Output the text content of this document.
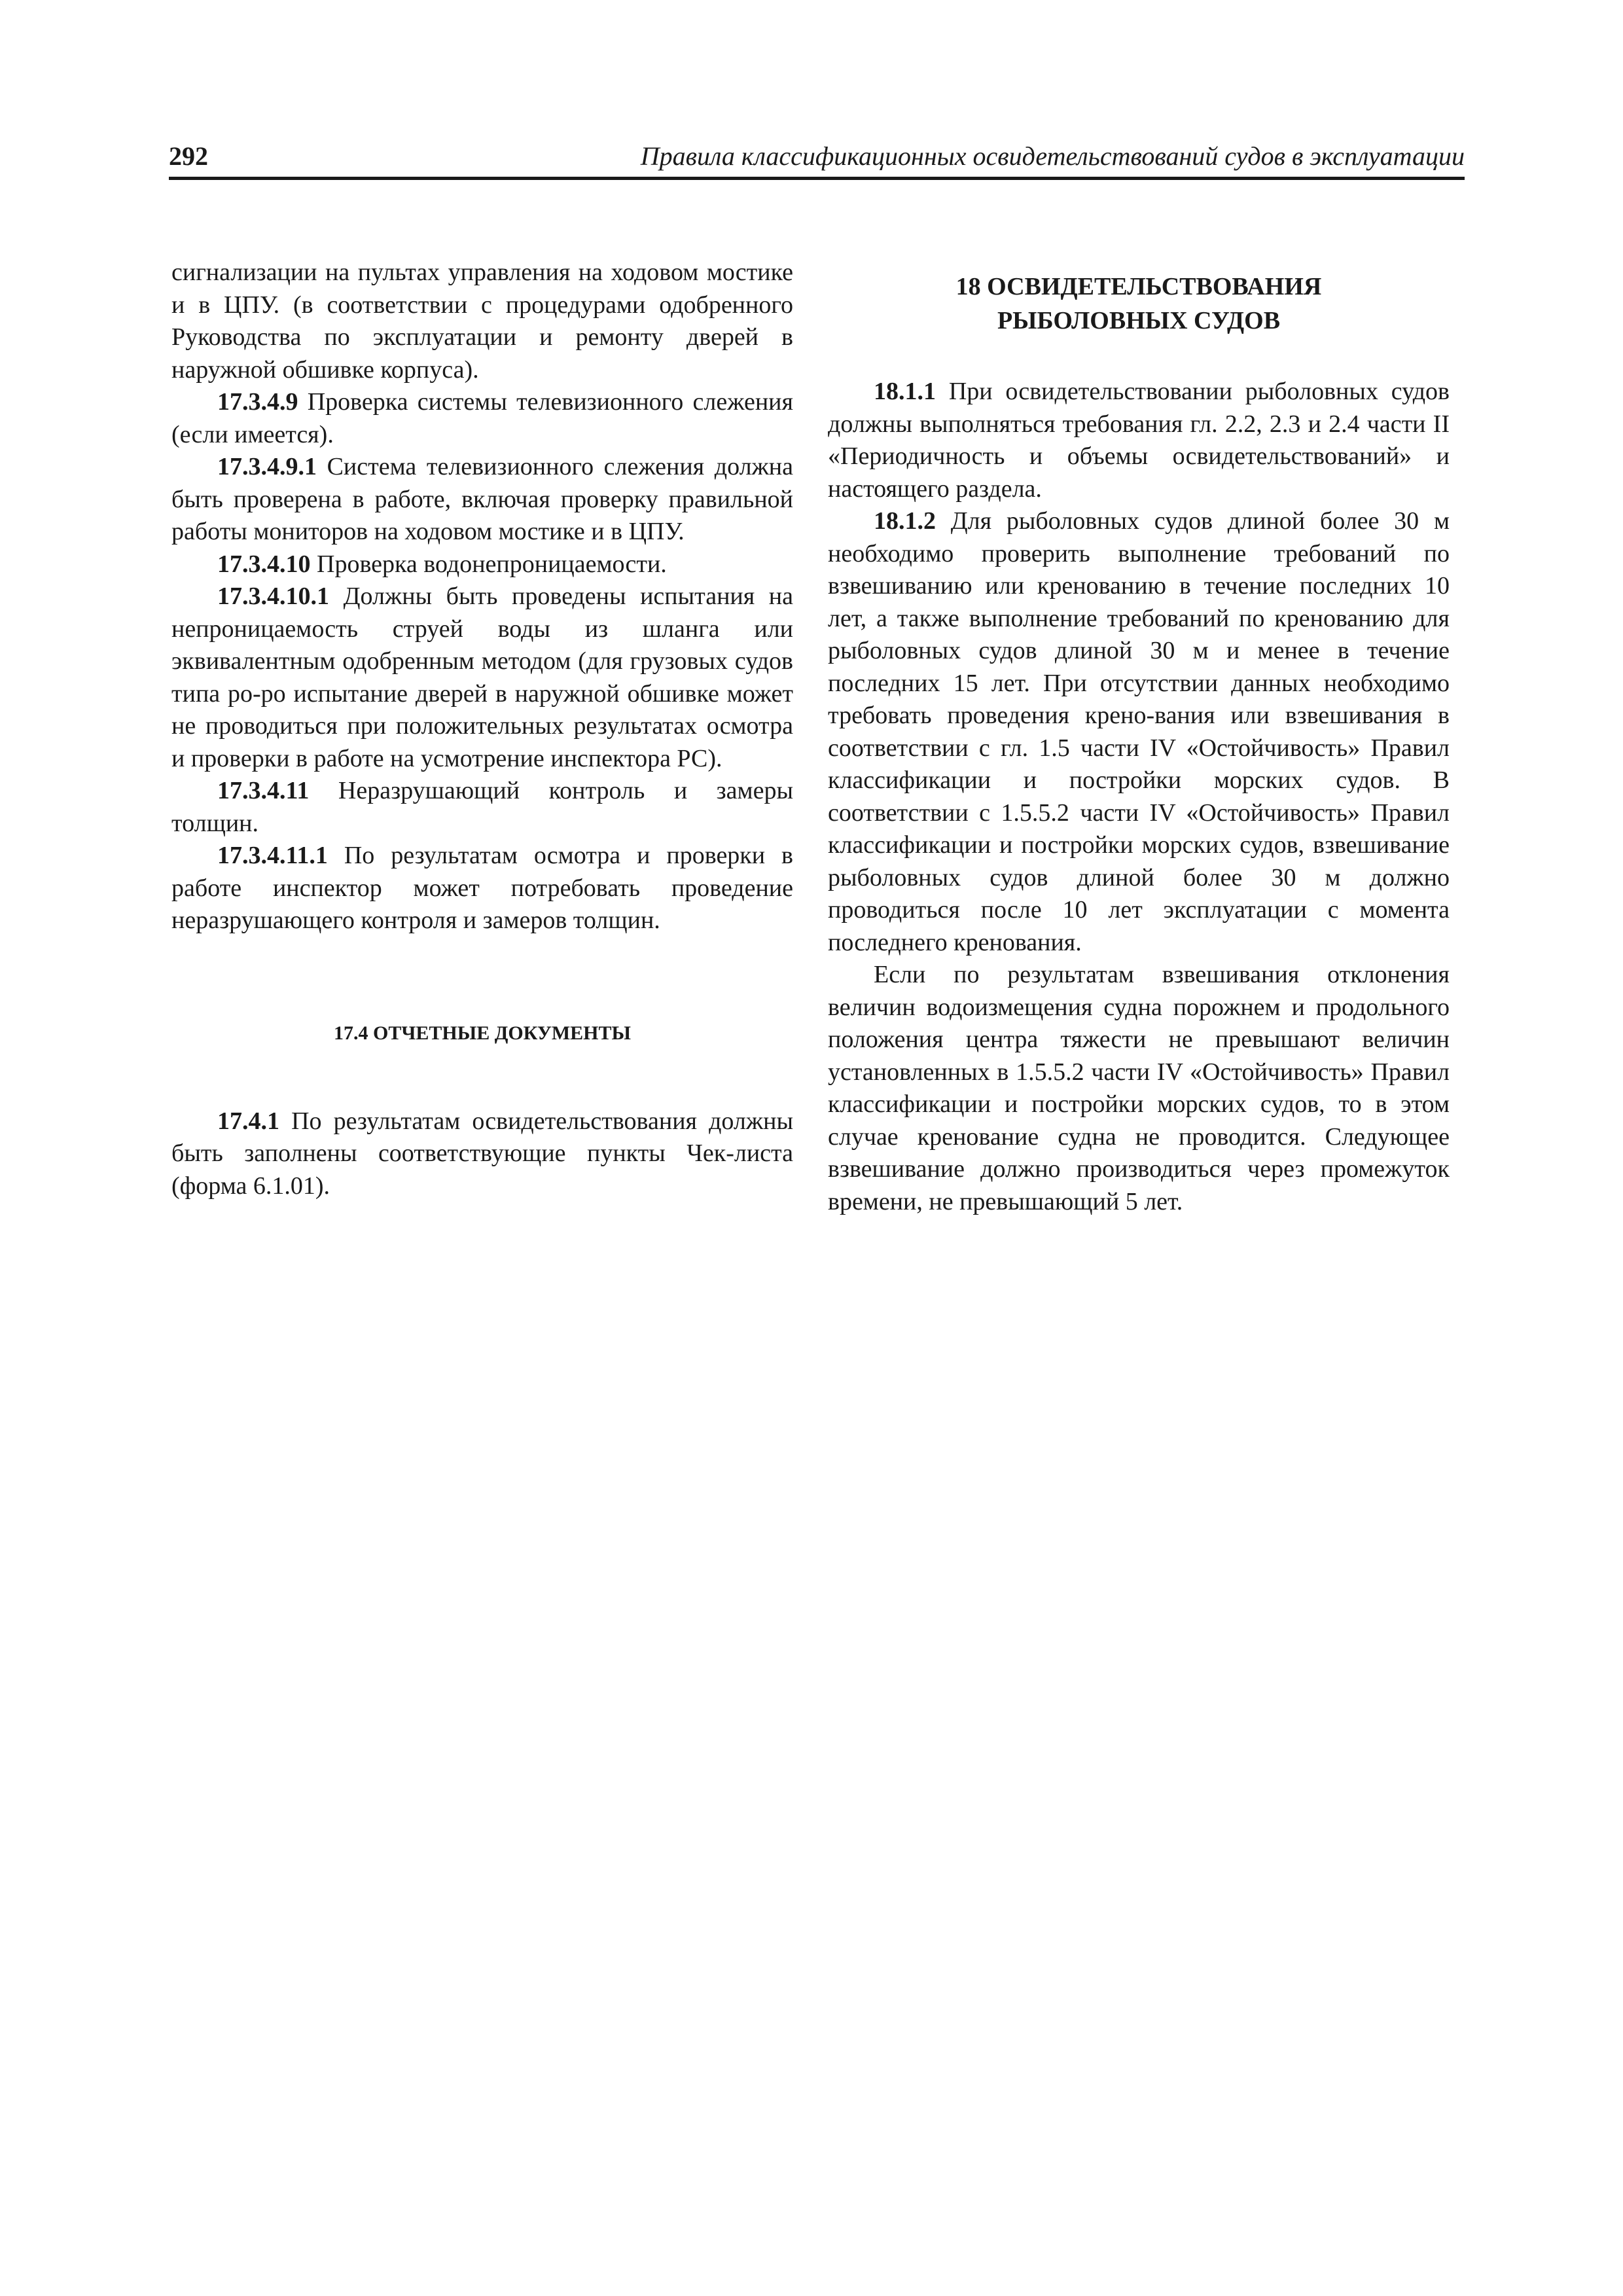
292	Правила классификационных освидетельствований судов в эксплуатации

сигнализации на пультах управления на ходовом мостике и в ЦПУ. (в соответствии с процедурами одобренного Руководства по эксплуатации и ремонту дверей в наружной обшивке корпуса).

17.3.4.9 Проверка системы телевизионного слежения (если имеется).

17.3.4.9.1 Система телевизионного слежения должна быть проверена в работе, включая проверку правильной работы мониторов на ходовом мостике и в ЦПУ.

17.3.4.10 Проверка водонепроницаемости.

17.3.4.10.1 Должны быть проведены испытания на непроницаемость струей воды из шланга или эквивалентным одобренным методом (для грузовых судов типа ро-ро испытание дверей в наружной обшивке может не проводиться при положительных результатах осмотра и проверки в работе на усмотрение инспектора РС).

17.3.4.11 Неразрушающий контроль и замеры толщин.

17.3.4.11.1 По результатам осмотра и проверки в работе инспектор может потребовать проведение неразрушающего контроля и замеров толщин.

17.4 ОТЧЕТНЫЕ ДОКУМЕНТЫ

17.4.1 По результатам освидетельствования должны быть заполнены соответствующие пункты Чек-листа (форма 6.1.01).

18 ОСВИДЕТЕЛЬСТВОВАНИЯ
РЫБОЛОВНЫХ СУДОВ

18.1.1 При освидетельствовании рыболовных судов должны выполняться требования гл. 2.2, 2.3 и 2.4 части II «Периодичность и объемы освидетельствований» и настоящего раздела.

18.1.2 Для рыболовных судов длиной более 30 м необходимо проверить выполнение требований по взвешиванию или кренованию в течение последних 10 лет, а также выполнение требований по кренованию для рыболовных судов длиной 30 м и менее в течение последних 15 лет. При отсутствии данных необходимо требовать проведения крено-вания или взвешивания в соответствии с гл. 1.5 части IV «Остойчивость» Правил классификации и постройки морских судов. В соответствии с 1.5.5.2 части IV «Остойчивость» Правил классификации и постройки морских судов, взвешивание рыболовных судов длиной более 30 м должно проводиться после 10 лет эксплуатации с момента последнего кренования.

Если по результатам взвешивания отклонения величин водоизмещения судна порожнем и продольного положения центра тяжести не превышают величин установленных в 1.5.5.2 части IV «Остойчивость» Правил классификации и постройки морских судов, то в этом случае кренование судна не проводится. Следующее взвешивание должно производиться через промежуток времени, не превышающий 5 лет.
